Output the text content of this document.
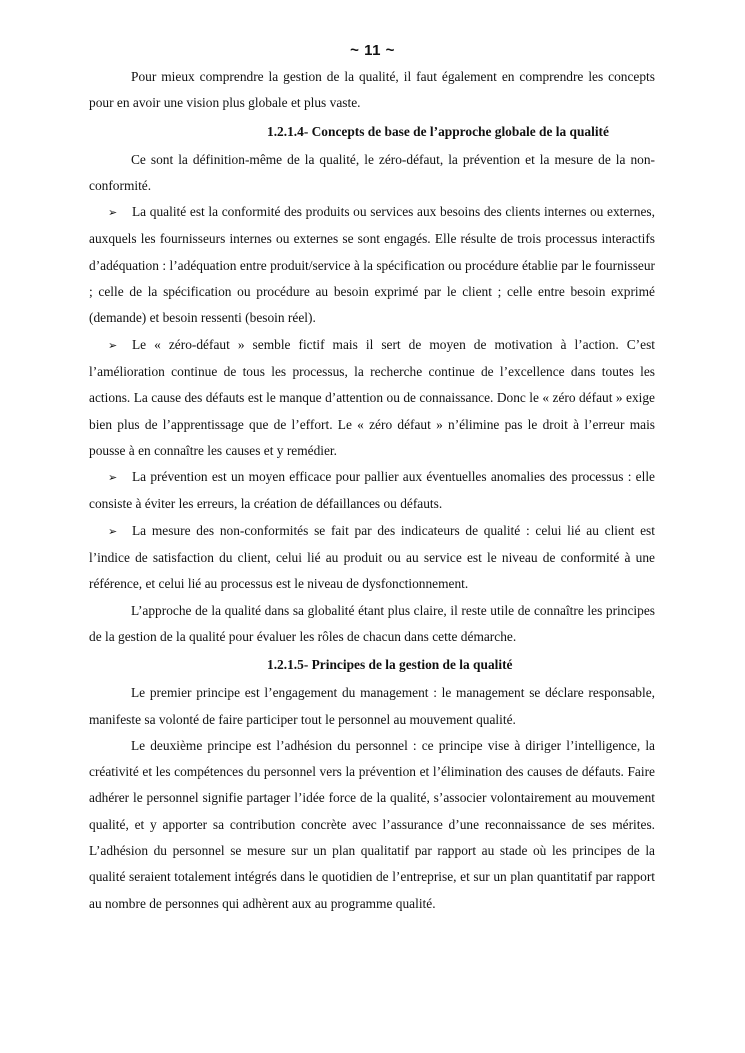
~ 11 ~

Pour mieux comprendre la gestion de la qualité, il faut également en comprendre les concepts pour en avoir une vision plus globale et plus vaste.

1.2.1.4- Concepts de base de l’approche globale de la qualité

Ce sont la définition-même de la qualité, le zéro-défaut, la prévention et la mesure de la non-conformité.

➢ La qualité est la conformité des produits ou services aux besoins des clients internes ou externes, auxquels les fournisseurs internes ou externes se sont engagés. Elle résulte de trois processus interactifs d’adéquation : l’adéquation entre produit/service à la spécification ou procédure établie par le fournisseur ; celle de la spécification ou procédure au besoin exprimé par le client ; celle entre besoin exprimé (demande) et besoin ressenti (besoin réel).

➢ Le « zéro-défaut » semble fictif mais il sert de moyen de motivation à l’action. C’est l’amélioration continue de tous les processus, la recherche continue de l’excellence dans toutes les actions. La cause des défauts est le manque d’attention ou de connaissance. Donc le « zéro défaut » exige bien plus de l’apprentissage que de l’effort. Le « zéro défaut » n’élimine pas le droit à l’erreur mais pousse à en connaître les causes et y remédier.

➢ La prévention est un moyen efficace pour pallier aux éventuelles anomalies des processus : elle consiste à éviter les erreurs, la création de défaillances ou défauts.

➢ La mesure des non-conformités se fait par des indicateurs de qualité : celui lié au client est l’indice de satisfaction du client, celui lié au produit ou au service est le niveau de conformité à une référence, et celui lié au processus est le niveau de dysfonctionnement.

L’approche de la qualité dans sa globalité étant plus claire, il reste utile de connaître les principes de la gestion de la qualité pour évaluer les rôles de chacun dans cette démarche.

1.2.1.5- Principes de la gestion de la qualité

Le premier principe est l’engagement du management : le management se déclare responsable, manifeste sa volonté de faire participer tout le personnel au mouvement qualité.

Le deuxième principe est l’adhésion du personnel : ce principe vise à diriger l’intelligence, la créativité et les compétences du personnel vers la prévention et l’élimination des causes de défauts. Faire adhérer le personnel signifie partager l’idée force de la qualité, s’associer volontairement au mouvement qualité, et y apporter sa contribution concrète avec l’assurance d’une reconnaissance de ses mérites. L’adhésion du personnel se mesure sur un plan qualitatif par rapport au stade où les principes de la qualité seraient totalement intégrés dans le quotidien de l’entreprise, et sur un plan quantitatif par rapport au nombre de personnes qui adhèrent aux au programme qualité.
